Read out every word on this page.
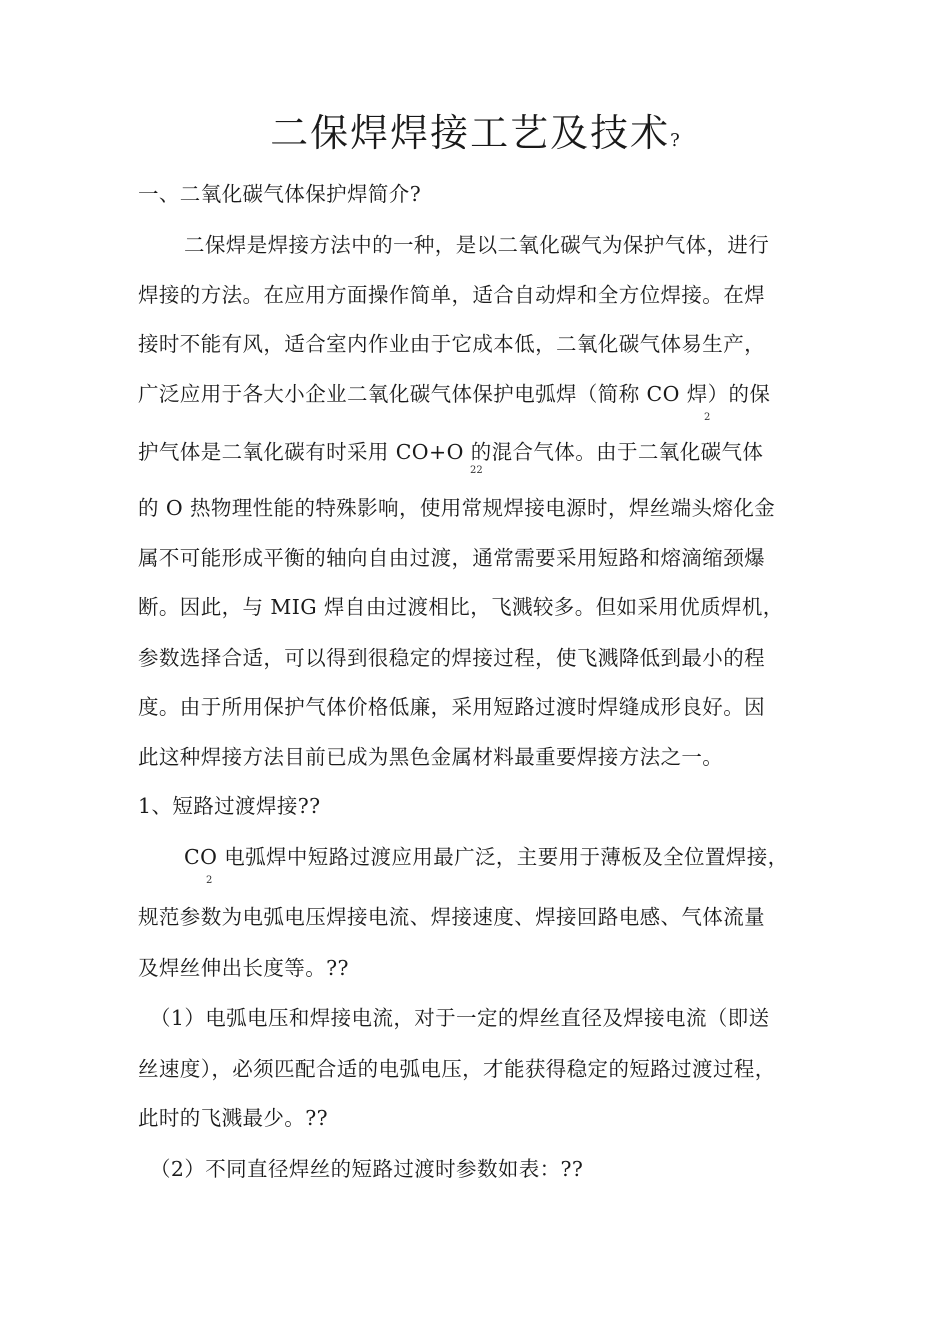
二保焊焊接工艺及技术?
一、二氧化碳气体保护焊简介?
二保焊是焊接方法中的一种，是以二氧化碳气为保护气体，进行
焊接的方法。在应用方面操作简单，适合自动焊和全方位焊接。在焊
接时不能有风，适合室内作业由于它成本低，二氧化碳气体易生产，
广泛应用于各大小企业二氧化碳气体保护电弧焊（简称 CO 焊）的保
2
护气体是二氧化碳有时采用 CO+O 的混合气体。由于二氧化碳气体
22
的 O 热物理性能的特殊影响，使用常规焊接电源时，焊丝端头熔化金
属不可能形成平衡的轴向自由过渡，通常需要采用短路和熔滴缩颈爆
断。因此，与 MIG 焊自由过渡相比，飞溅较多。但如采用优质焊机，
参数选择合适，可以得到很稳定的焊接过程，使飞溅降低到最小的程
度。由于所用保护气体价格低廉，采用短路过渡时焊缝成形良好。因
此这种焊接方法目前已成为黑色金属材料最重要焊接方法之一。
1、短路过渡焊接??
CO 电弧焊中短路过渡应用最广泛，主要用于薄板及全位置焊接，
2
规范参数为电弧电压焊接电流、焊接速度、焊接回路电感、气体流量
及焊丝伸出长度等。??
（1）电弧电压和焊接电流，对于一定的焊丝直径及焊接电流（即送
丝速度），必须匹配合适的电弧电压，才能获得稳定的短路过渡过程，
此时的飞溅最少。??
（2）不同直径焊丝的短路过渡时参数如表：??
